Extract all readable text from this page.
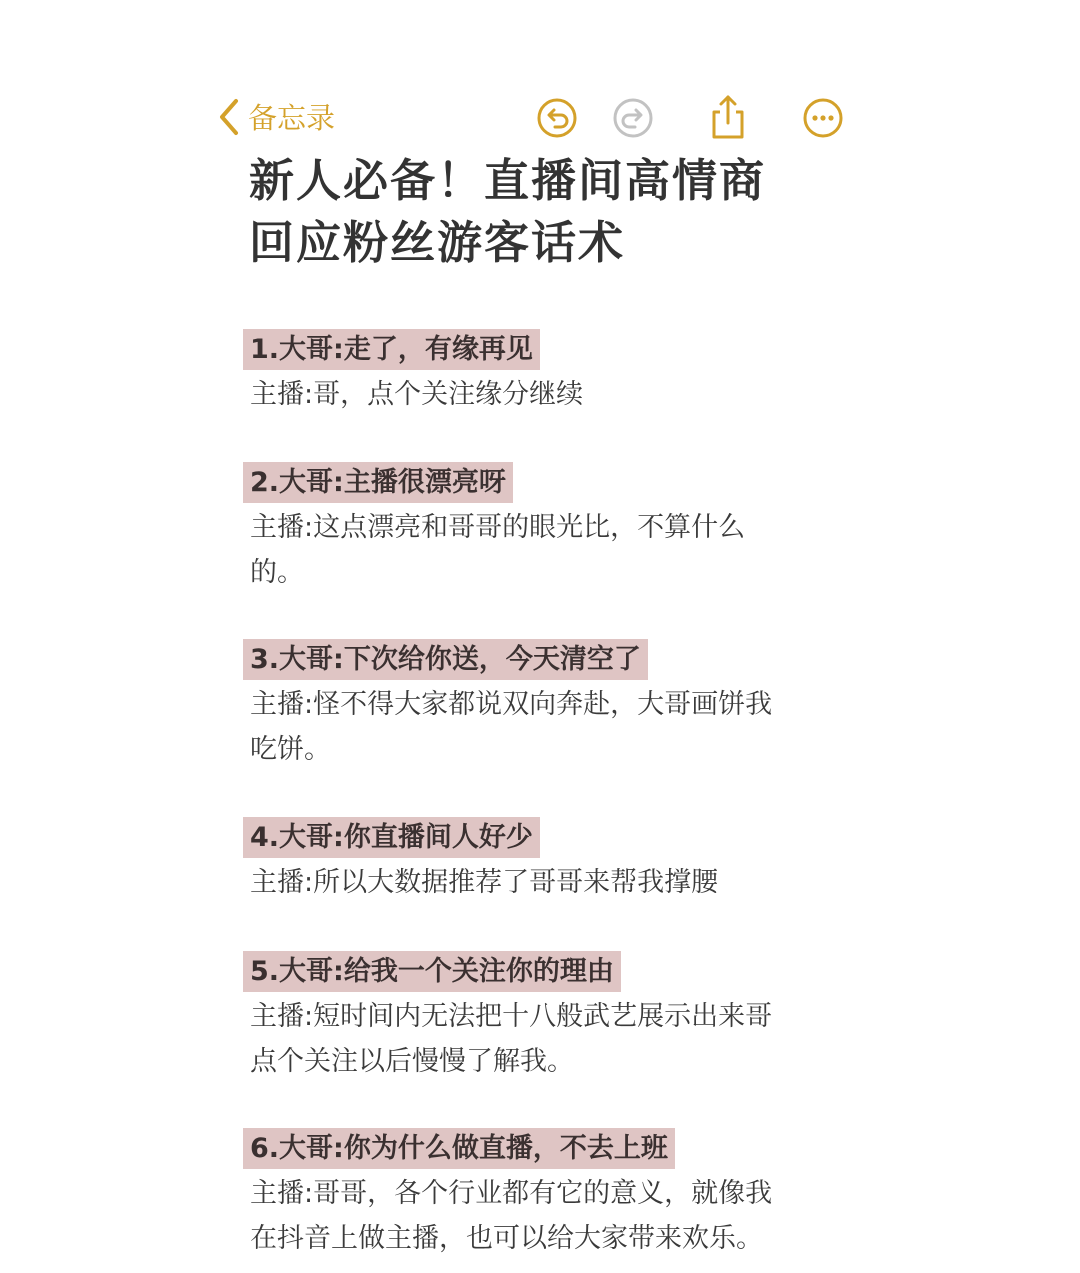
备忘录
新人必备！直播间高情商
回应粉丝游客话术
1.大哥:走了，有缘再见
主播:哥，点个关注缘分继续
2.大哥:主播很漂亮呀
主播:这点漂亮和哥哥的眼光比，不算什么
的。
3.大哥:下次给你送，今天清空了
主播:怪不得大家都说双向奔赴，大哥画饼我
吃饼。
4.大哥:你直播间人好少
主播:所以大数据推荐了哥哥来帮我撑腰
5.大哥:给我一个关注你的理由
主播:短时间内无法把十八般武艺展示出来哥
点个关注以后慢慢了解我。
6.大哥:你为什么做直播，不去上班
主播:哥哥，各个行业都有它的意义，就像我
在抖音上做主播，也可以给大家带来欢乐。
